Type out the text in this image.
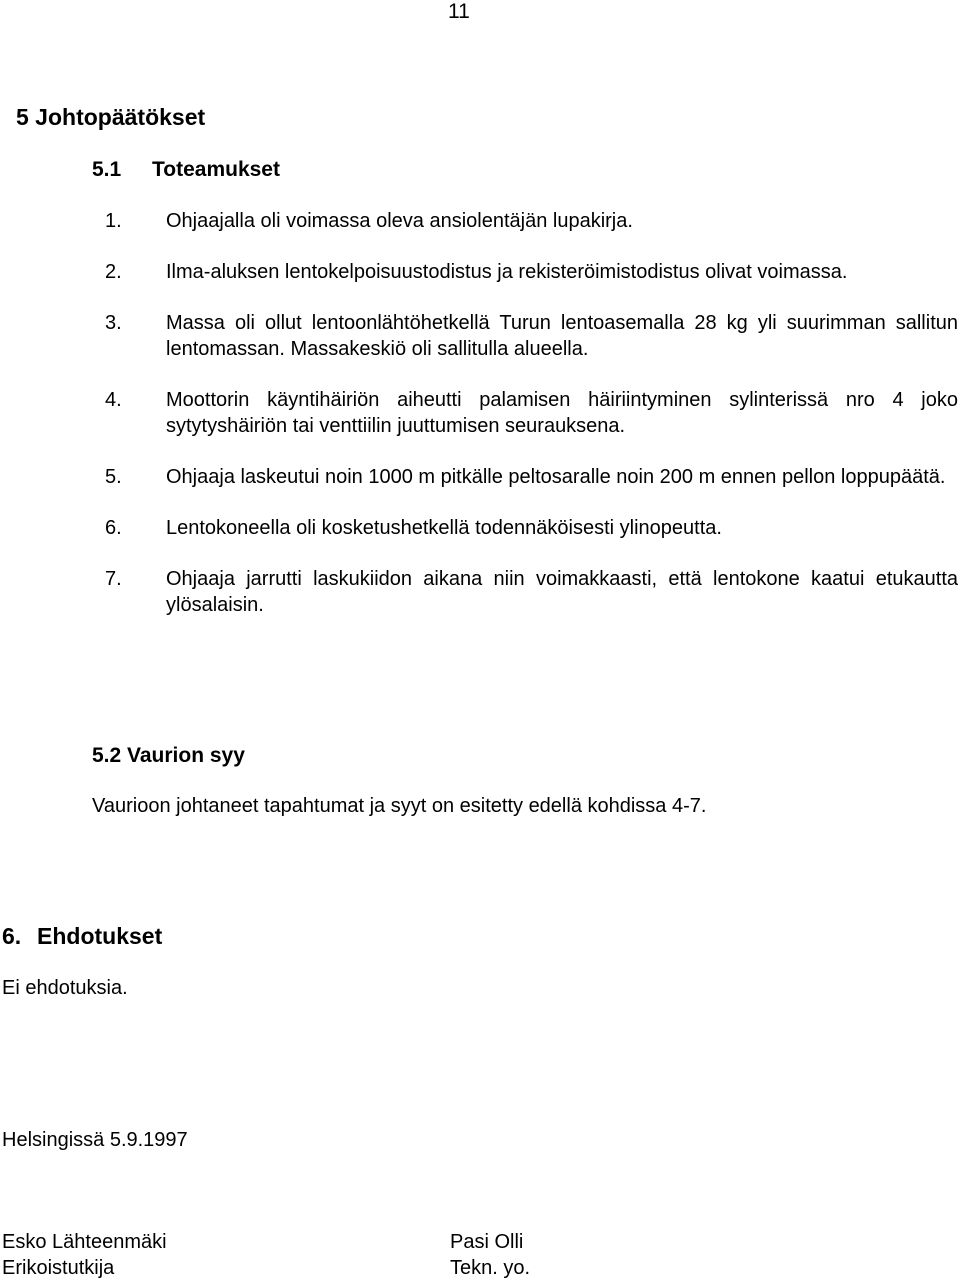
11
5 Johtopäätökset
5.1 Toteamukset
1.	Ohjaajalla oli voimassa oleva ansiolentäjän lupakirja.
2.	Ilma-aluksen lentokelpoisuustodistus ja rekisteröimistodistus olivat voimassa.
3.	Massa oli ollut lentoonlähtöhetkellä Turun lentoasemalla 28 kg yli suurimman sallitun lentomassan. Massakeskiö oli sallitulla alueella.
4.	Moottorin käyntihäiriön aiheutti palamisen häiriintyminen sylinterissä nro 4 joko sytytyshäiriön tai venttiilin juuttumisen seurauksena.
5.	Ohjaaja laskeutui noin 1000 m pitkälle peltosaralle noin 200 m ennen pellon loppupäätä.
6.	Lentokoneella oli kosketushetkellä todennäköisesti ylinopeutta.
7.	Ohjaaja jarrutti laskukiidon aikana niin voimakkaasti, että lentokone kaatui etukautta ylösalaisin.
5.2 Vaurion syy
Vaurioon johtaneet tapahtumat ja syyt on esitetty edellä kohdissa 4-7.
6. Ehdotukset
Ei ehdotuksia.
Helsingissä 5.9.1997
Esko Lähteenmäki
Erikoistutkija
Pasi Olli
Tekn. yo.
